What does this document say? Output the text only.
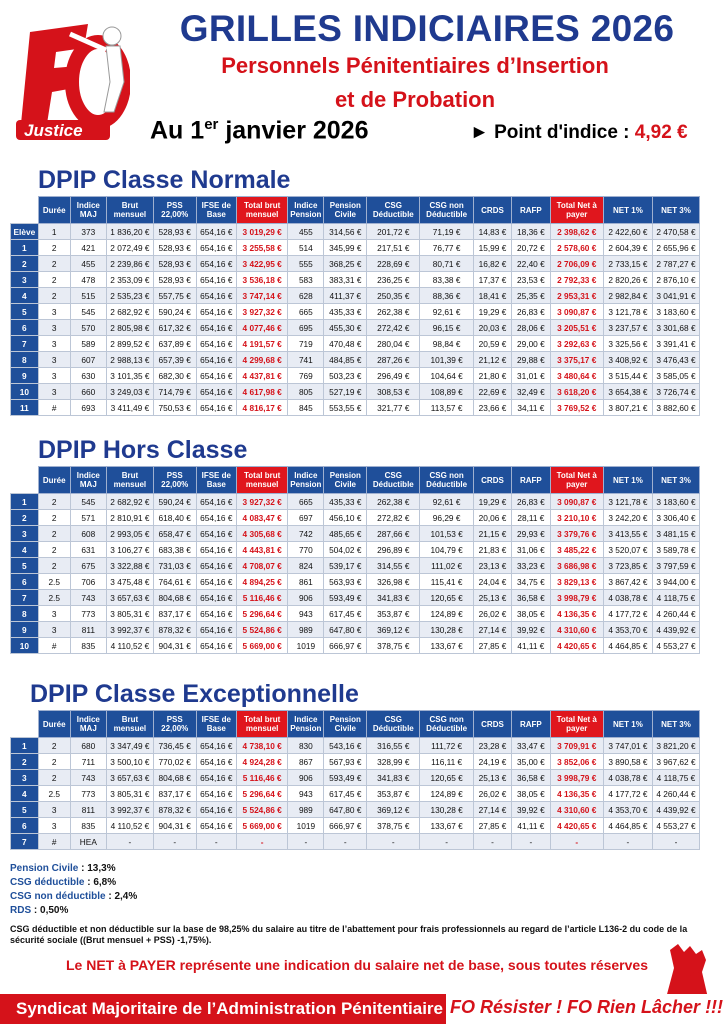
Justice
GRILLES INDICIAIRES 2026
Personnels Pénitentiaires d’Insertion
et de Probation
Au 1er janvier 2026	► Point d'indice : 4,92 €
DPIP Classe Normale
	Durée	Indice MAJ	Brut mensuel	PSS 22,00%	IFSE de Base	Total brut mensuel	Indice Pension	Pension Civile	CSG Déductible	CSG non Déductible	CRDS	RAFP	Total Net à payer	NET 1%	NET 3%
Elève	1	373	1 836,20 €	528,93 €	654,16 €	3 019,29 €	455	314,56 €	201,72 €	71,19 €	14,83 €	18,36 €	2 398,62 €	2 422,60 €	2 470,58 €
1	2	421	2 072,49 €	528,93 €	654,16 €	3 255,58 €	514	345,99 €	217,51 €	76,77 €	15,99 €	20,72 €	2 578,60 €	2 604,39 €	2 655,96 €
2	2	455	2 239,86 €	528,93 €	654,16 €	3 422,95 €	555	368,25 €	228,69 €	80,71 €	16,82 €	22,40 €	2 706,09 €	2 733,15 €	2 787,27 €
3	2	478	2 353,09 €	528,93 €	654,16 €	3 536,18 €	583	383,31 €	236,25 €	83,38 €	17,37 €	23,53 €	2 792,33 €	2 820,26 €	2 876,10 €
4	2	515	2 535,23 €	557,75 €	654,16 €	3 747,14 €	628	411,37 €	250,35 €	88,36 €	18,41 €	25,35 €	2 953,31 €	2 982,84 €	3 041,91 €
5	3	545	2 682,92 €	590,24 €	654,16 €	3 927,32 €	665	435,33 €	262,38 €	92,61 €	19,29 €	26,83 €	3 090,87 €	3 121,78 €	3 183,60 €
6	3	570	2 805,98 €	617,32 €	654,16 €	4 077,46 €	695	455,30 €	272,42 €	96,15 €	20,03 €	28,06 €	3 205,51 €	3 237,57 €	3 301,68 €
7	3	589	2 899,52 €	637,89 €	654,16 €	4 191,57 €	719	470,48 €	280,04 €	98,84 €	20,59 €	29,00 €	3 292,63 €	3 325,56 €	3 391,41 €
8	3	607	2 988,13 €	657,39 €	654,16 €	4 299,68 €	741	484,85 €	287,26 €	101,39 €	21,12 €	29,88 €	3 375,17 €	3 408,92 €	3 476,43 €
9	3	630	3 101,35 €	682,30 €	654,16 €	4 437,81 €	769	503,23 €	296,49 €	104,64 €	21,80 €	31,01 €	3 480,64 €	3 515,44 €	3 585,05 €
10	3	660	3 249,03 €	714,79 €	654,16 €	4 617,98 €	805	527,19 €	308,53 €	108,89 €	22,69 €	32,49 €	3 618,20 €	3 654,38 €	3 726,74 €
11	#	693	3 411,49 €	750,53 €	654,16 €	4 816,17 €	845	553,55 €	321,77 €	113,57 €	23,66 €	34,11 €	3 769,52 €	3 807,21 €	3 882,60 €
DPIP Hors Classe
	Durée	Indice MAJ	Brut mensuel	PSS 22,00%	IFSE de Base	Total brut mensuel	Indice Pension	Pension Civile	CSG Déductible	CSG non Déductible	CRDS	RAFP	Total Net à payer	NET 1%	NET 3%
1	2	545	2 682,92 €	590,24 €	654,16 €	3 927,32 €	665	435,33 €	262,38 €	92,61 €	19,29 €	26,83 €	3 090,87 €	3 121,78 €	3 183,60 €
2	2	571	2 810,91 €	618,40 €	654,16 €	4 083,47 €	697	456,10 €	272,82 €	96,29 €	20,06 €	28,11 €	3 210,10 €	3 242,20 €	3 306,40 €
3	2	608	2 993,05 €	658,47 €	654,16 €	4 305,68 €	742	485,65 €	287,66 €	101,53 €	21,15 €	29,93 €	3 379,76 €	3 413,55 €	3 481,15 €
4	2	631	3 106,27 €	683,38 €	654,16 €	4 443,81 €	770	504,02 €	296,89 €	104,79 €	21,83 €	31,06 €	3 485,22 €	3 520,07 €	3 589,78 €
5	2	675	3 322,88 €	731,03 €	654,16 €	4 708,07 €	824	539,17 €	314,55 €	111,02 €	23,13 €	33,23 €	3 686,98 €	3 723,85 €	3 797,59 €
6	2.5	706	3 475,48 €	764,61 €	654,16 €	4 894,25 €	861	563,93 €	326,98 €	115,41 €	24,04 €	34,75 €	3 829,13 €	3 867,42 €	3 944,00 €
7	2.5	743	3 657,63 €	804,68 €	654,16 €	5 116,46 €	906	593,49 €	341,83 €	120,65 €	25,13 €	36,58 €	3 998,79 €	4 038,78 €	4 118,75 €
8	3	773	3 805,31 €	837,17 €	654,16 €	5 296,64 €	943	617,45 €	353,87 €	124,89 €	26,02 €	38,05 €	4 136,35 €	4 177,72 €	4 260,44 €
9	3	811	3 992,37 €	878,32 €	654,16 €	5 524,86 €	989	647,80 €	369,12 €	130,28 €	27,14 €	39,92 €	4 310,60 €	4 353,70 €	4 439,92 €
10	#	835	4 110,52 €	904,31 €	654,16 €	5 669,00 €	1019	666,97 €	378,75 €	133,67 €	27,85 €	41,11 €	4 420,65 €	4 464,85 €	4 553,27 €
DPIP Classe Exceptionnelle
	Durée	Indice MAJ	Brut mensuel	PSS 22,00%	IFSE de Base	Total brut mensuel	Indice Pension	Pension Civile	CSG Déductible	CSG non Déductible	CRDS	RAFP	Total Net à payer	NET 1%	NET 3%
1	2	680	3 347,49 €	736,45 €	654,16 €	4 738,10 €	830	543,16 €	316,55 €	111,72 €	23,28 €	33,47 €	3 709,91 €	3 747,01 €	3 821,20 €
2	2	711	3 500,10 €	770,02 €	654,16 €	4 924,28 €	867	567,93 €	328,99 €	116,11 €	24,19 €	35,00 €	3 852,06 €	3 890,58 €	3 967,62 €
3	2	743	3 657,63 €	804,68 €	654,16 €	5 116,46 €	906	593,49 €	341,83 €	120,65 €	25,13 €	36,58 €	3 998,79 €	4 038,78 €	4 118,75 €
4	2.5	773	3 805,31 €	837,17 €	654,16 €	5 296,64 €	943	617,45 €	353,87 €	124,89 €	26,02 €	38,05 €	4 136,35 €	4 177,72 €	4 260,44 €
5	3	811	3 992,37 €	878,32 €	654,16 €	5 524,86 €	989	647,80 €	369,12 €	130,28 €	27,14 €	39,92 €	4 310,60 €	4 353,70 €	4 439,92 €
6	3	835	4 110,52 €	904,31 €	654,16 €	5 669,00 €	1019	666,97 €	378,75 €	133,67 €	27,85 €	41,11 €	4 420,65 €	4 464,85 €	4 553,27 €
7	#	HEA	-	-	-	-	-	-	-	-	-	-	-	-	-
Pension Civile : 13,3%
CSG déductible : 6,8%
CSG non déductible : 2,4%
RDS : 0,50%
CSG déductible et non déductible sur la base de 98,25% du salaire au titre de l’abattement pour frais professionnels au regard de l’article L136-2 du code de la sécurité sociale ((Brut mensuel + PSS) -1,75%).
Le NET à PAYER représente une indication du salaire net de base, sous toutes réserves
Syndicat Majoritaire de l’Administration Pénitentiaire FO Résister ! FO Rien Lâcher !!!
